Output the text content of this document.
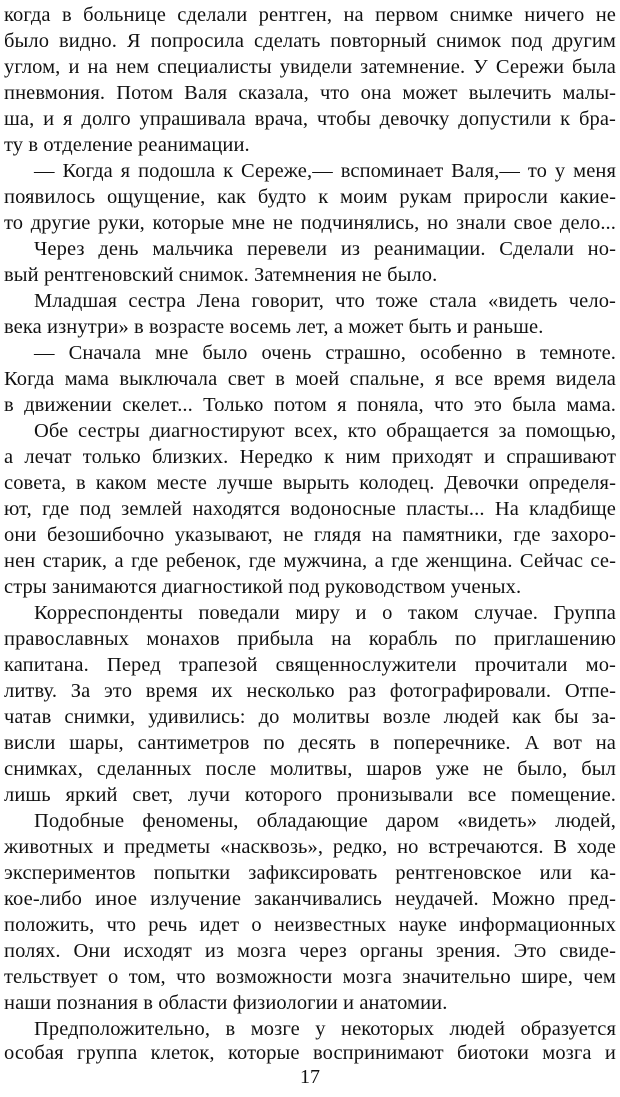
когда в больнице сделали рентген, на первом снимке ничего не
было видно. Я попросила сделать повторный снимок под другим
углом, и на нем специалисты увидели затемнение. У Сережи была
пневмония. Потом Валя сказала, что она может вылечить малы-
ша, и я долго упрашивала врача, чтобы девочку допустили к бра-
ту в отделение реанимации.
— Когда я подошла к Сереже,— вспоминает Валя,— то у меня
появилось ощущение, как будто к моим рукам приросли какие-
то другие руки, которые мне не подчинялись, но знали свое дело...
Через день мальчика перевели из реанимации. Сделали но-
вый рентгеновский снимок. Затемнения не было.
Младшая сестра Лена говорит, что тоже стала «видеть чело-
века изнутри» в возрасте восемь лет, а может быть и раньше.
— Сначала мне было очень страшно, особенно в темноте.
Когда мама выключала свет в моей спальне, я все время видела
в движении скелет... Только потом я поняла, что это была мама.
Обе сестры диагностируют всех, кто обращается за помощью,
а лечат только близких. Нередко к ним приходят и спрашивают
совета, в каком месте лучше вырыть колодец. Девочки определя-
ют, где под землей находятся водоносные пласты... На кладбище
они безошибочно указывают, не глядя на памятники, где захоро-
нен старик, а где ребенок, где мужчина, а где женщина. Сейчас се-
стры занимаются диагностикой под руководством ученых.
Корреспонденты поведали миру и о таком случае. Группа
православных монахов прибыла на корабль по приглашению
капитана. Перед трапезой священнослужители прочитали мо-
литву. За это время их несколько раз фотографировали. Отпе-
чатав снимки, удивились: до молитвы возле людей как бы за-
висли шары, сантиметров по десять в поперечнике. А вот на
снимках, сделанных после молитвы, шаров уже не было, был
лишь яркий свет, лучи которого пронизывали все помещение.
Подобные феномены, обладающие даром «видеть» людей,
животных и предметы «насквозь», редко, но встречаются. В ходе
экспериментов попытки зафиксировать рентгеновское или ка-
кое-либо иное излучение заканчивались неудачей. Можно пред-
положить, что речь идет о неизвестных науке информационных
полях. Они исходят из мозга через органы зрения. Это свиде-
тельствует о том, что возможности мозга значительно шире, чем
наши познания в области физиологии и анатомии.
Предположительно, в мозге у некоторых людей образуется
особая группа клеток, которые воспринимают биотоки мозга и
17
